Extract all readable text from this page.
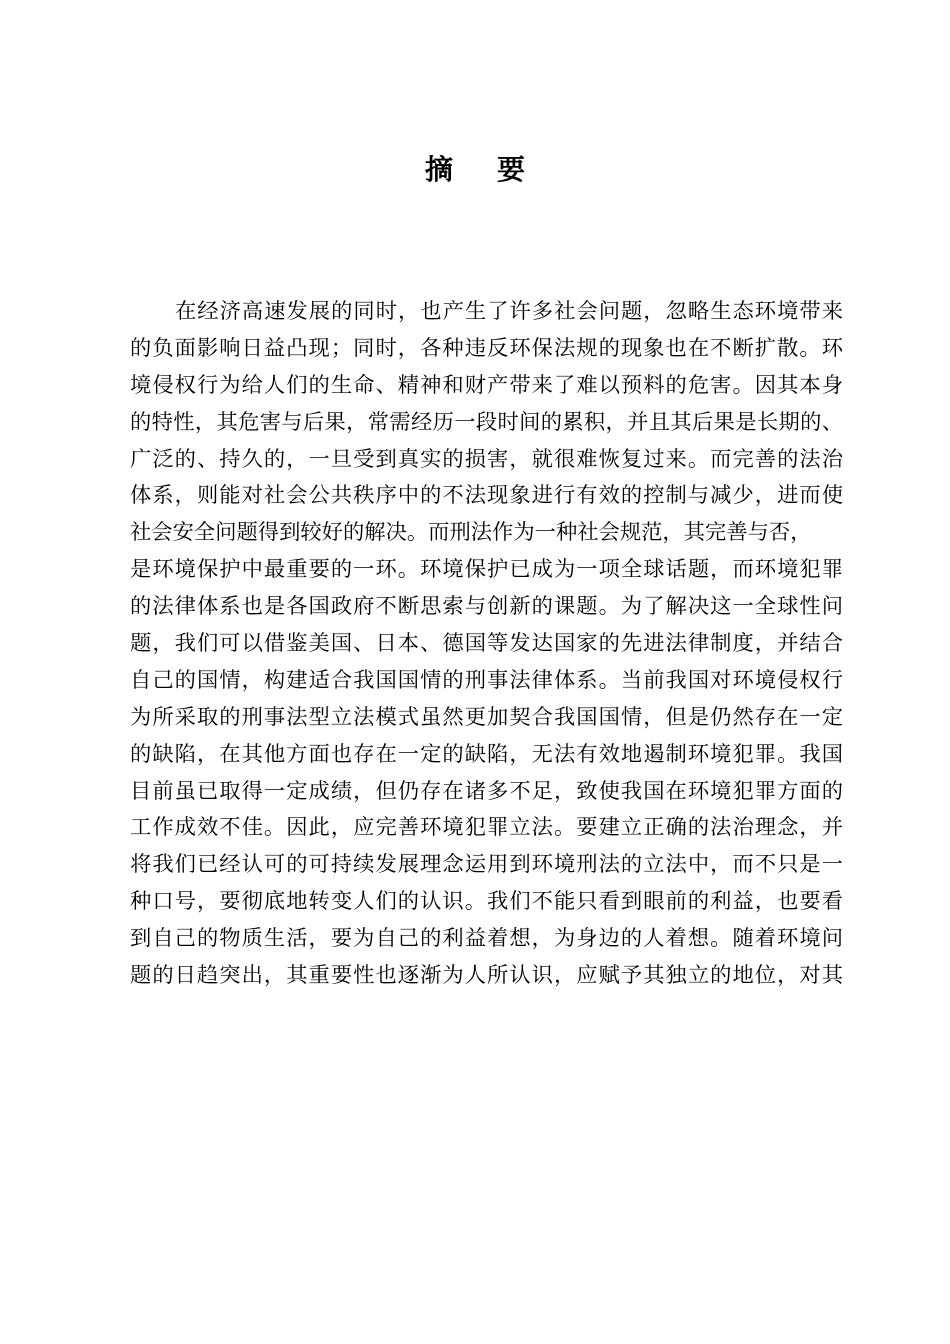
摘 要
在经济高速发展的同时，也产生了许多社会问题，忽略生态环境带来
的负面影响日益凸现；同时，各种违反环保法规的现象也在不断扩散。环
境侵权行为给人们的生命、精神和财产带来了难以预料的危害。因其本身
的特性，其危害与后果，常需经历一段时间的累积，并且其后果是长期的、
广泛的、持久的，一旦受到真实的损害，就很难恢复过来。而完善的法治
体系，则能对社会公共秩序中的不法现象进行有效的控制与减少，进而使
社会安全问题得到较好的解决。而刑法作为一种社会规范，其完善与否，
是环境保护中最重要的一环。环境保护已成为一项全球话题，而环境犯罪
的法律体系也是各国政府不断思索与创新的课题。为了解决这一全球性问
题，我们可以借鉴美国、日本、德国等发达国家的先进法律制度，并结合
自己的国情，构建适合我国国情的刑事法律体系。当前我国对环境侵权行
为所采取的刑事法型立法模式虽然更加契合我国国情，但是仍然存在一定
的缺陷，在其他方面也存在一定的缺陷，无法有效地遏制环境犯罪。我国
目前虽已取得一定成绩，但仍存在诸多不足，致使我国在环境犯罪方面的
工作成效不佳。因此，应完善环境犯罪立法。要建立正确的法治理念，并
将我们已经认可的可持续发展理念运用到环境刑法的立法中，而不只是一
种口号，要彻底地转变人们的认识。我们不能只看到眼前的利益，也要看
到自己的物质生活，要为自己的利益着想，为身边的人着想。随着环境问
题的日趋突出，其重要性也逐渐为人所认识，应赋予其独立的地位，对其
